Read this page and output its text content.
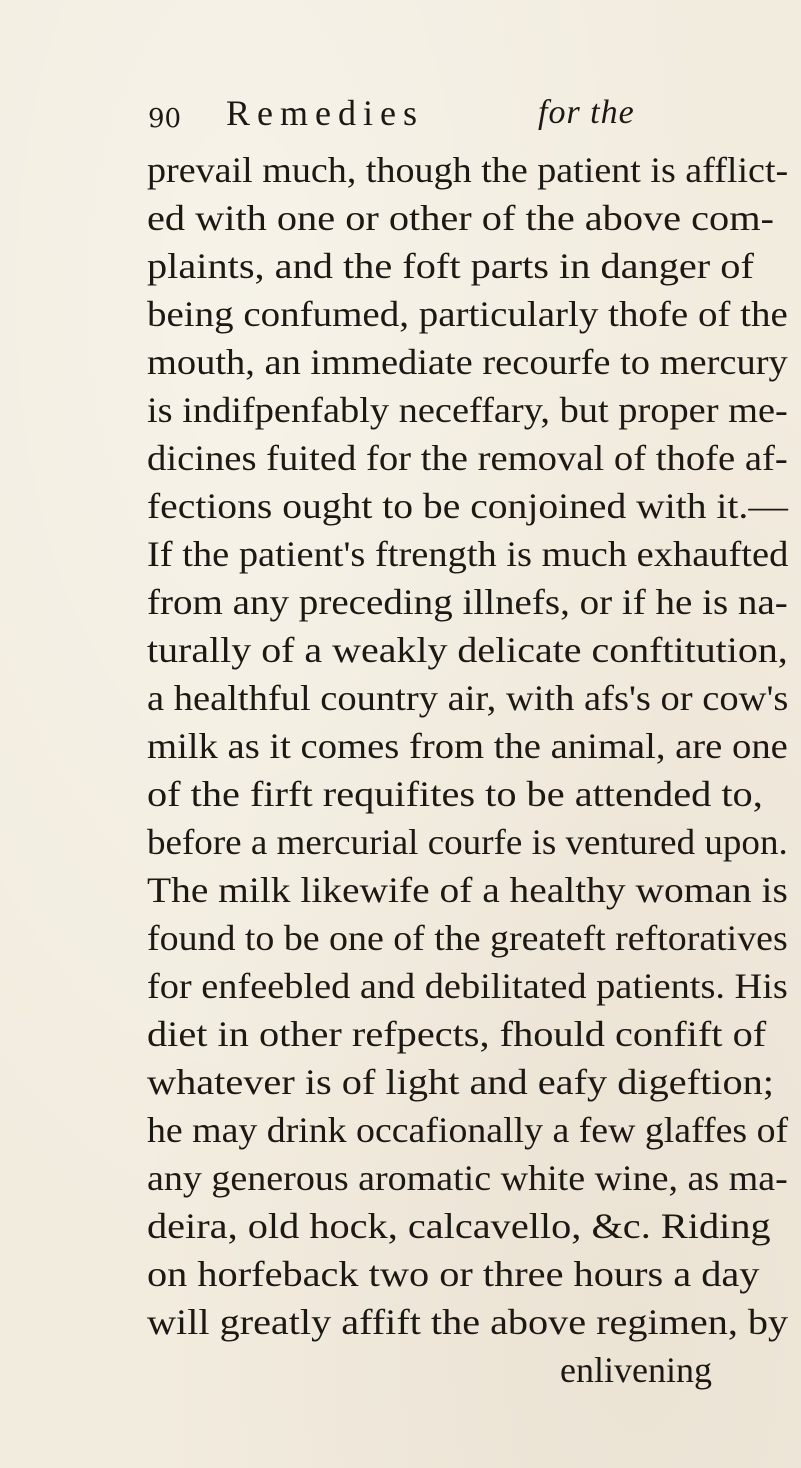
90 Remedies	for the
prevail much, though the patient is afflict-
ed with one or other of the above com-
plaints, and the foft parts in danger of
being confumed, particularly thofe of the
mouth, an immediate recourfe to mercury
is indifpenfably neceffary, but proper me-
dicines fuited for the removal of thofe af-
fections ought to be conjoined with it.—
If the patient's ftrength is much exhaufted
from any preceding illnefs, or if he is na-
turally of a weakly delicate conftitution,
a healthful country air, with afs's or cow's
milk as it comes from the animal, are one
of the firft requifites to be attended to,
before a mercurial courfe is ventured upon.
The milk likewife of a healthy woman is
found to be one of the greateft reftoratives
for enfeebled and debilitated patients. His
diet in other refpects, fhould confift of
whatever is of light and eafy digeftion;
he may drink occafionally a few glaffes of
any generous aromatic white wine, as ma-
deira, old hock, calcavello, &c. Riding
on horfeback two or three hours a day
will greatly affift the above regimen, by
enlivening
